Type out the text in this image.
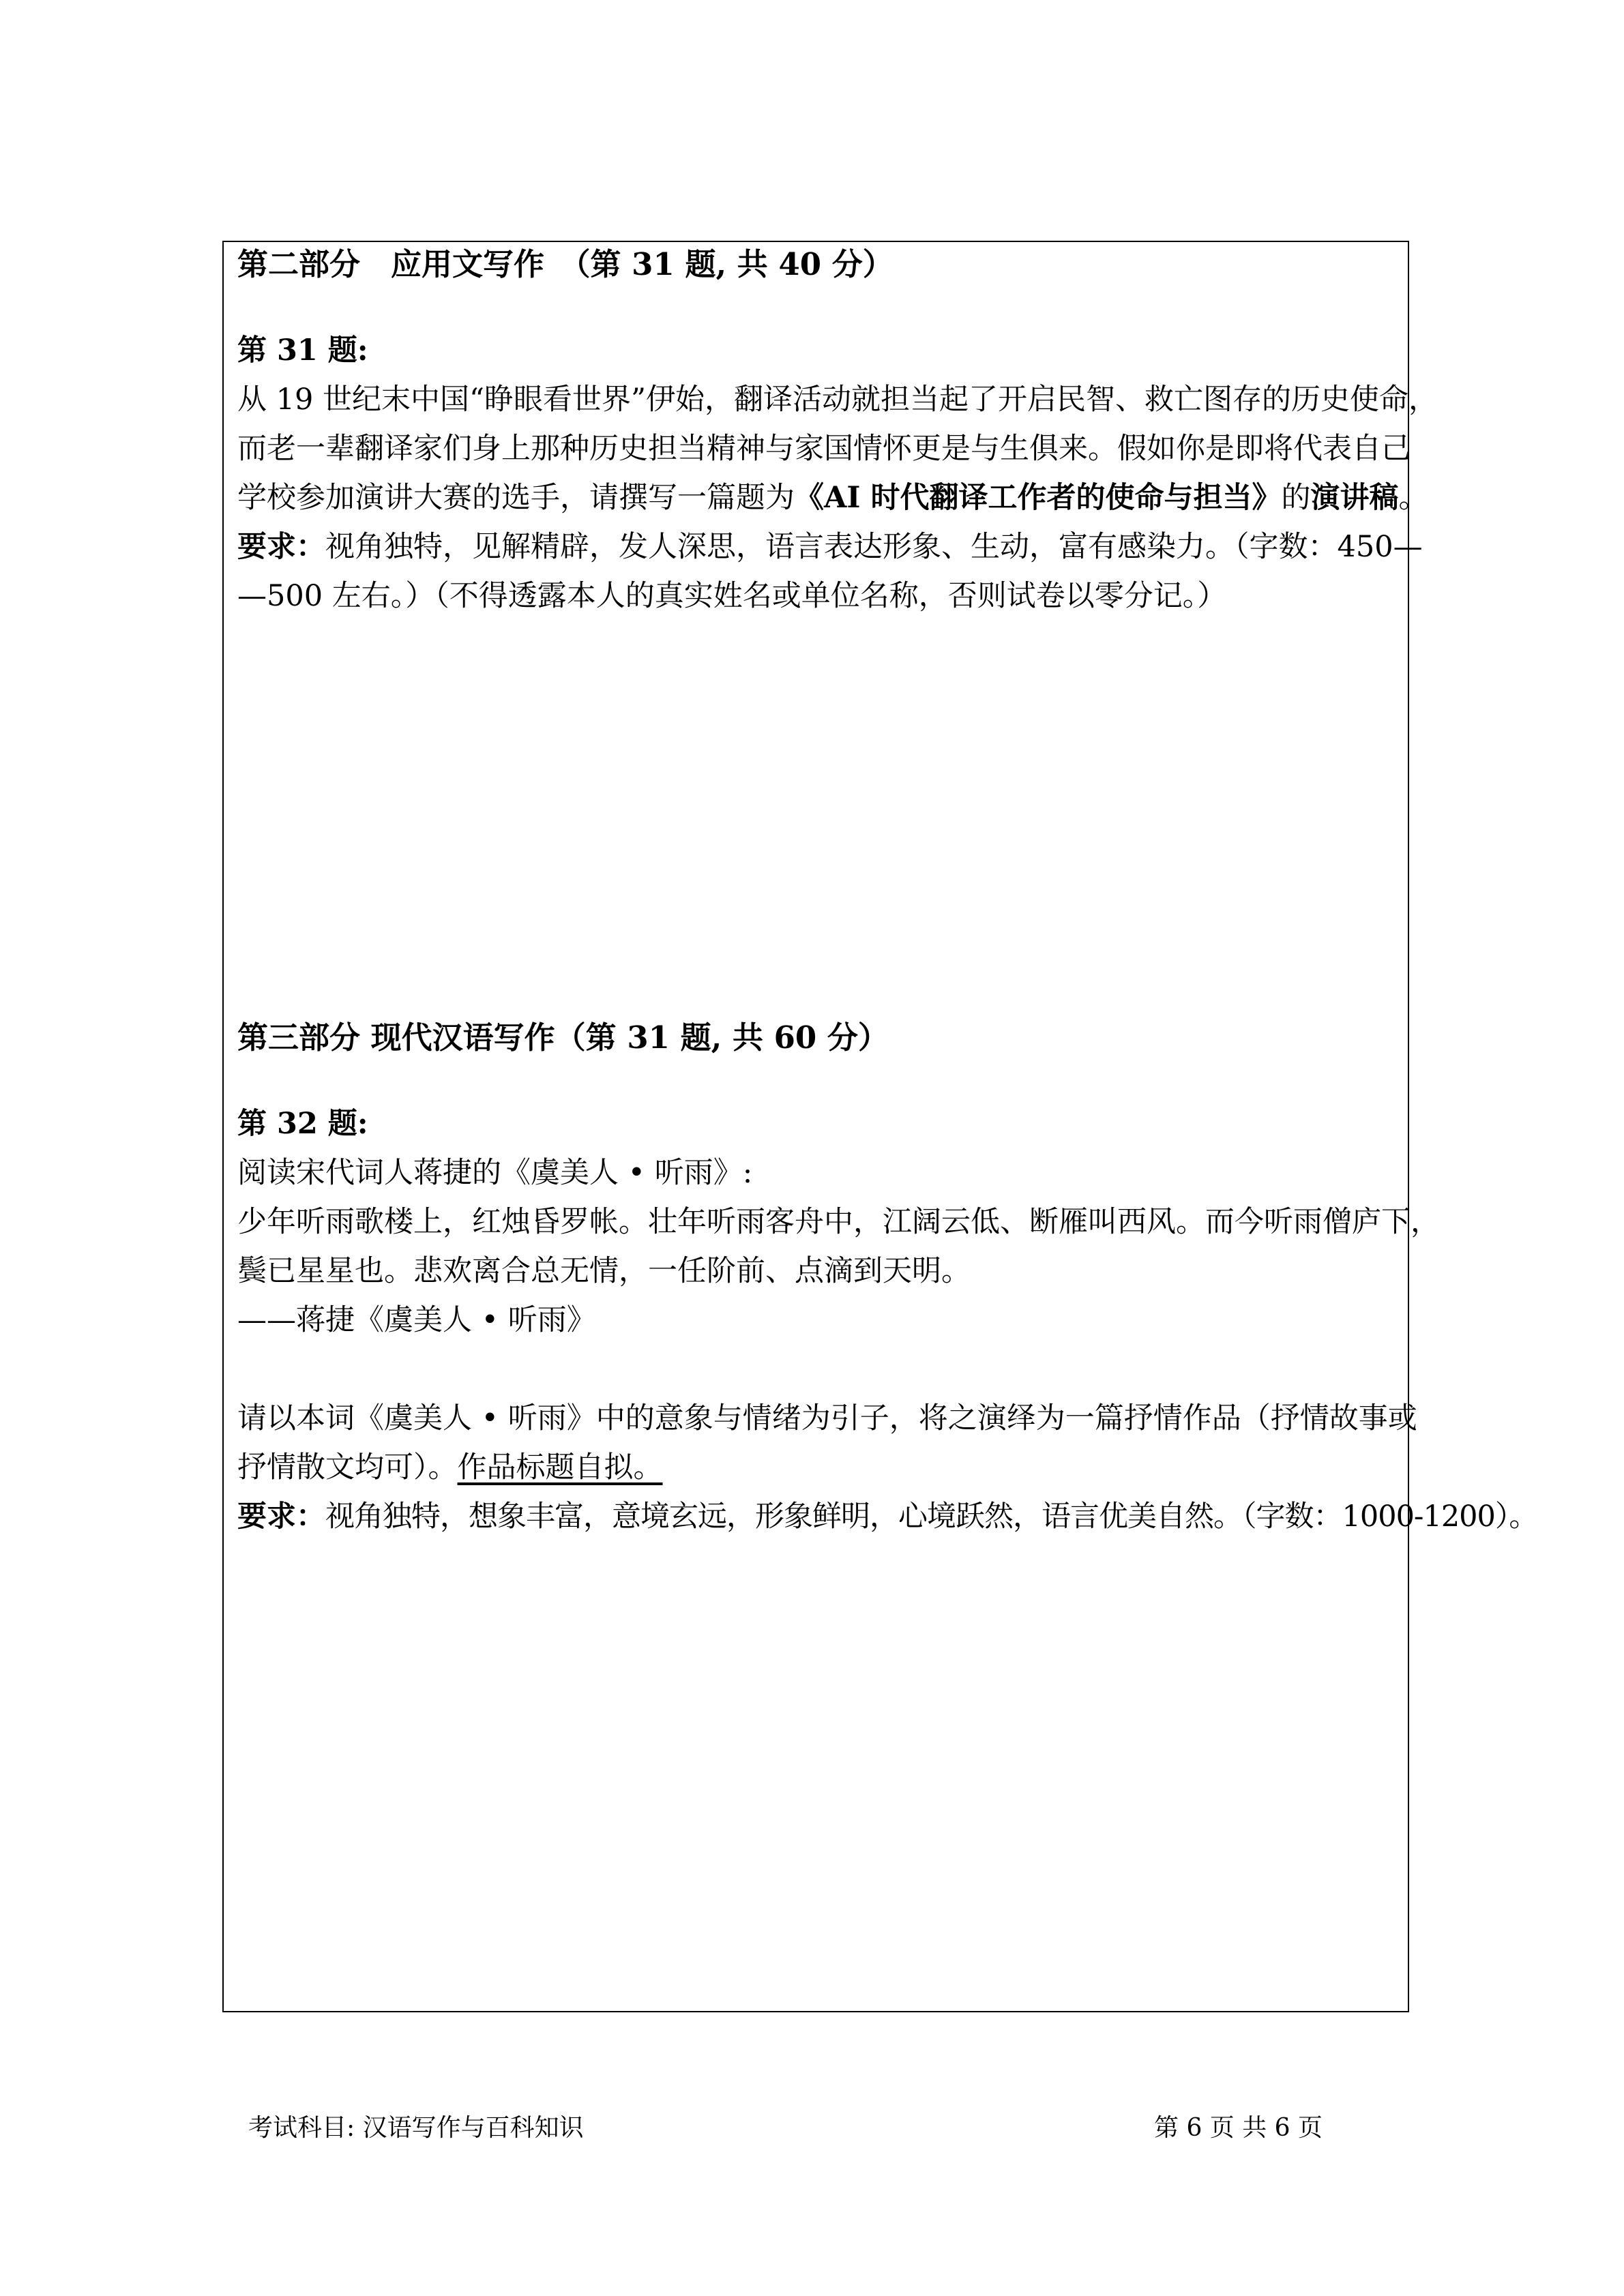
第二部分　应用文写作　（第 31 题, 共 40 分）
第 31 题:
从 19 世纪末中国“睁眼看世界”伊始，翻译活动就担当起了开启民智、救亡图存的历史使命，
而老一辈翻译家们身上那种历史担当精神与家国情怀更是与生俱来。假如你是即将代表自己
学校参加演讲大赛的选手，请撰写一篇题为《AI 时代翻译工作者的使命与担当》的演讲稿。
要求：视角独特，见解精辟，发人深思，语言表达形象、生动，富有感染力。（字数：450—
—500 左右。）（不得透露本人的真实姓名或单位名称，否则试卷以零分记。）
第三部分 现代汉语写作（第 31 题, 共 60 分）
第 32 题:
阅读宋代词人蒋捷的《虞美人 • 听雨》:
少年听雨歌楼上，红烛昏罗帐。壮年听雨客舟中，江阔云低、断雁叫西风。而今听雨僧庐下，
鬓已星星也。悲欢离合总无情，一任阶前、点滴到天明。
——蒋捷《虞美人 • 听雨》
请以本词《虞美人 • 听雨》中的意象与情绪为引子，将之演绎为一篇抒情作品（抒情故事或
抒情散文均可）。作品标题自拟。
要求：视角独特，想象丰富，意境玄远，形象鲜明，心境跃然，语言优美自然。（字数：1000-1200）。
考试科目: 汉语写作与百科知识	第 6 页 共 6 页
